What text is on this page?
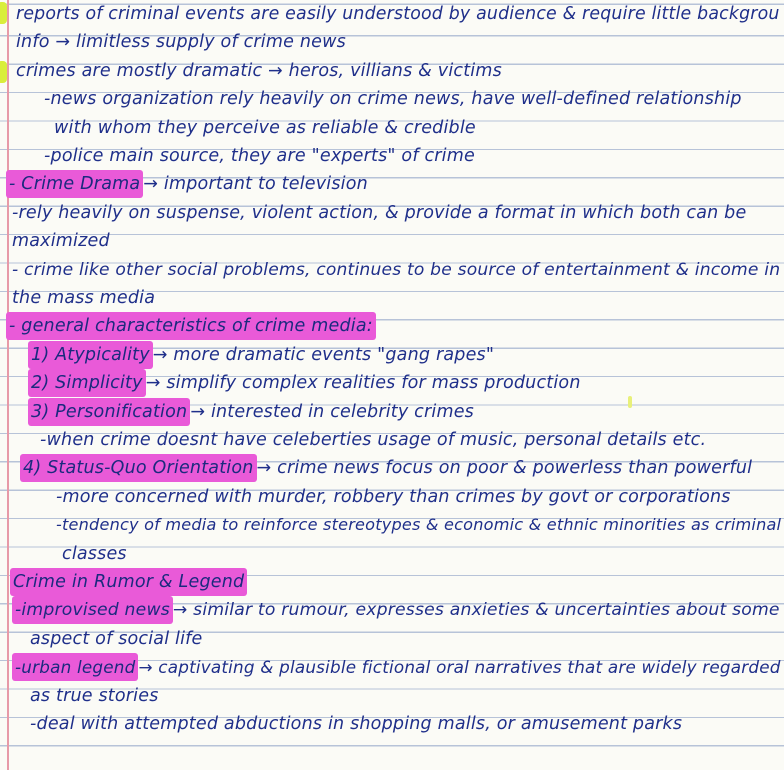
reports of criminal events are easily understood by audience & require little backgrou
info → limitless supply of crime news
crimes are mostly dramatic → heros, villians & victims
-news organization rely heavily on crime news, have well-defined relationship
with whom they perceive as reliable & credible
-police main source, they are "experts" of crime
- Crime Drama→ important to television
-rely heavily on suspense, violent action, & provide a format in which both can be
maximized
- crime like other social problems, continues to be source of entertainment & income in
the mass media
- general characteristics of crime media:
1) Atypicality→ more dramatic events "gang rapes"
2) Simplicity→ simplify complex realities for mass production
3) Personification→ interested in celebrity crimes
-when crime doesnt have celeberties usage of music, personal details etc.
4) Status-Quo Orientation→ crime news focus on poor & powerless than powerful
-more concerned with murder, robbery than crimes by govt or corporations
-tendency of media to reinforce stereotypes & economic & ethnic minorities as criminal
classes
Crime in Rumor & Legend
-improvised news→ similar to rumour, expresses anxieties & uncertainties about some
aspect of social life
-urban legend→ captivating & plausible fictional oral narratives that are widely regarded
as true stories
-deal with attempted abductions in shopping malls, or amusement parks
